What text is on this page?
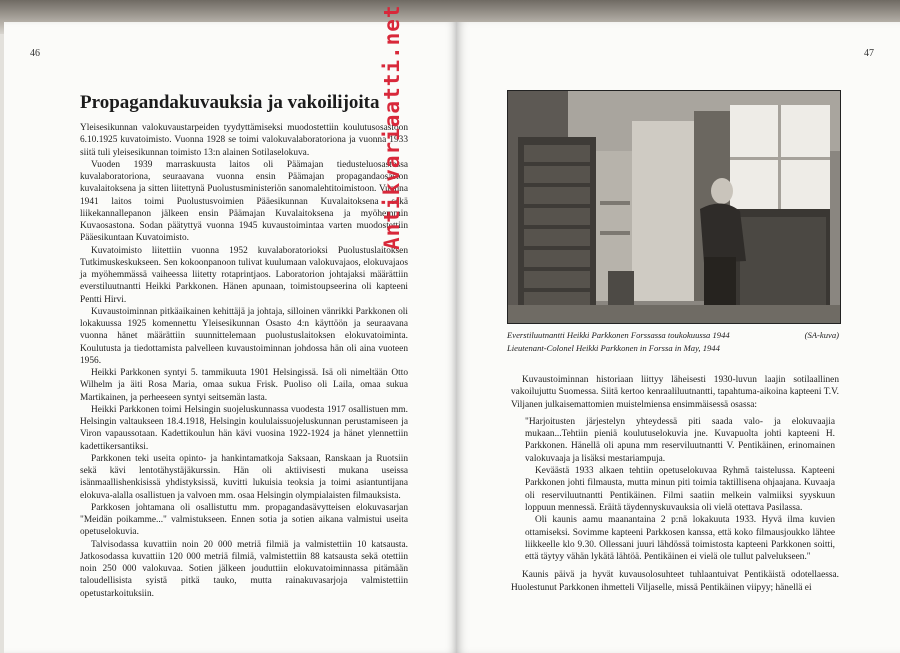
46
Propagandakuvauksia ja vakoilijoita

Yleisesikunnan valokuvaustarpeiden tyydyttämiseksi muodostettiin koulutusosastoon 6.10.1925 kuvatoimisto. Vuonna 1928 se toimi valokuvalaboratoriona ja vuonna 1933 siitä tuli yleisesikunnan toimisto 13:n alainen Sotilaselokuva.

Vuoden 1939 marraskuusta laitos oli Päämajan tiedusteluosastossa kuvalaboratoriona, seuraavana vuonna ensin Päämajan propagandaosaston kuvalaitoksena ja sitten liitettynä Puolustusministeriön sanomalehtitoimistoon. Vuonna 1941 laitos toimi Puolustusvoimien Pääesikunnan Kuvalaitoksena sekä liikekannallepanon jälkeen ensin Päämajan Kuvalaitoksena ja myöhemmin Kuvaosastona. Sodan päätyttyä vuonna 1945 kuvaustoimintaa varten muodostettiin Pääesikuntaan Kuvatoimisto.

Kuvatoimisto liitettiin vuonna 1952 kuvalaboratorioksi Puolustuslaitoksen Tutkimuskeskukseen. Sen kokoonpanoon tulivat kuulumaan valokuvajaos, elokuvajaos ja myöhemmässä vaiheessa liitetty rotaprintjaos. Laboratorion johtajaksi määrättiin everstiluutnantti Heikki Parkkonen. Hänen apunaan, toimistoupseerina oli kapteeni Pentti Hirvi.

Kuvaustoiminnan pitkäaikainen kehittäjä ja johtaja, silloinen vänrikki Parkkonen oli lokakuussa 1925 komennettu Yleisesikunnan Osasto 4:n käyttöön ja seuraavana vuonna hänet määrättiin suunnittelemaan puolustuslaitoksen elokuvatoiminta. Koulutusta ja tiedottamista palvelleen kuvaustoiminnan johdossa hän oli aina vuoteen 1956.

Heikki Parkkonen syntyi 5. tammikuuta 1901 Helsingissä. Isä oli nimeltään Otto Wilhelm ja äiti Rosa Maria, omaa sukua Frisk. Puoliso oli Laila, omaa sukua Martikainen, ja perheeseen syntyi seitsemän lasta.

Heikki Parkkonen toimi Helsingin suojeluskunnassa vuodesta 1917 osallistuen mm. Helsingin valtaukseen 18.4.1918, Helsingin koululaissuojeluskunnan perustamiseen ja Viron vapaussotaan. Kadettikoulun hän kävi vuosina 1922-1924 ja hänet ylennettiin kadettikersantiksi.

Parkkonen teki useita opinto- ja hankintamatkoja Saksaan, Ranskaan ja Ruotsiin sekä kävi lentotähystäjäkurssin. Hän oli aktiivisesti mukana useissa isänmaallishenkisissä yhdistyksissä, kuvitti lukuisia teoksia ja toimi asiantuntijana elokuva-alalla osallistuen ja valvoen mm. osaa Helsingin olympialaisten filmauksista.

Parkkosen johtamana oli osallistuttu mm. propagandasävytteisen elokuvasarjan "Meidän poikamme..." valmistukseen. Ennen sotia ja sotien aikana valmistui useita opetuselokuvia.

Talvisodassa kuvattiin noin 20 000 metriä filmiä ja valmistettiin 10 katsausta. Jatkosodassa kuvattiin 120 000 metriä filmiä, valmistettiin 88 katsausta sekä otettiin noin 250 000 valokuvaa. Sotien jälkeen jouduttiin elokuvatoiminnassa pitämään taloudellisista syistä pitkä tauko, mutta rainakuvasarjoja valmistettiin opetustarkoituksiin.

47
Everstiluutnantti Heikki Parkkonen Forssassa toukokuussa 1944	(SA-kuva)
Lieutenant-Colonel Heikki Parkkonen in Forssa in May, 1944

Kuvaustoiminnan historiaan liittyy läheisesti 1930-luvun laajin sotilaallinen vakoilujuttu Suomessa. Siitä kertoo kenraaliluutnantti, tapahtuma-aikoina kapteeni T.V. Viljanen julkaisemattomien muistelmiensa ensimmäisessä osassa:

"Harjoitusten järjestelyn yhteydessä piti saada valo- ja elokuvaajia mukaan...Tehtiin pieniä koulutuselokuvia jne. Kuvapuolta johti kapteeni H. Parkkonen. Hänellä oli apuna mm reserviluutnantti V. Pentikäinen, erinomainen valokuvaaja ja lisäksi mestariampuja.

Keväästä 1933 alkaen tehtiin opetuselokuvaa Ryhmä taistelussa. Kapteeni Parkkonen johti filmausta, mutta minun piti toimia taktillisena ohjaajana. Kuvaaja oli reserviluutnantti Pentikäinen. Filmi saatiin melkein valmiiksi syyskuun loppuun mennessä. Eräitä täydennyskuvauksia oli vielä otettava Pasilassa.

Oli kaunis aamu maanantaina 2 p:nä lokakuuta 1933. Hyvä ilma kuvien ottamiseksi. Sovimme kapteeni Parkkosen kanssa, että koko filmausjoukko lähtee liikkeelle klo 9.30. Ollessani juuri lähdössä toimistosta kapteeni Parkkonen soitti, että täytyy vähän lykätä lähtöä. Pentikäinen ei vielä ole tullut palvelukseen."

Kaunis päivä ja hyvät kuvausolosuhteet tuhlaantuivat Pentikäistä odotellaessa. Huolestunut Parkkonen ihmetteli Viljaselle, missä Pentikäinen viipyy; hänellä ei

Antikvariaatti.net
